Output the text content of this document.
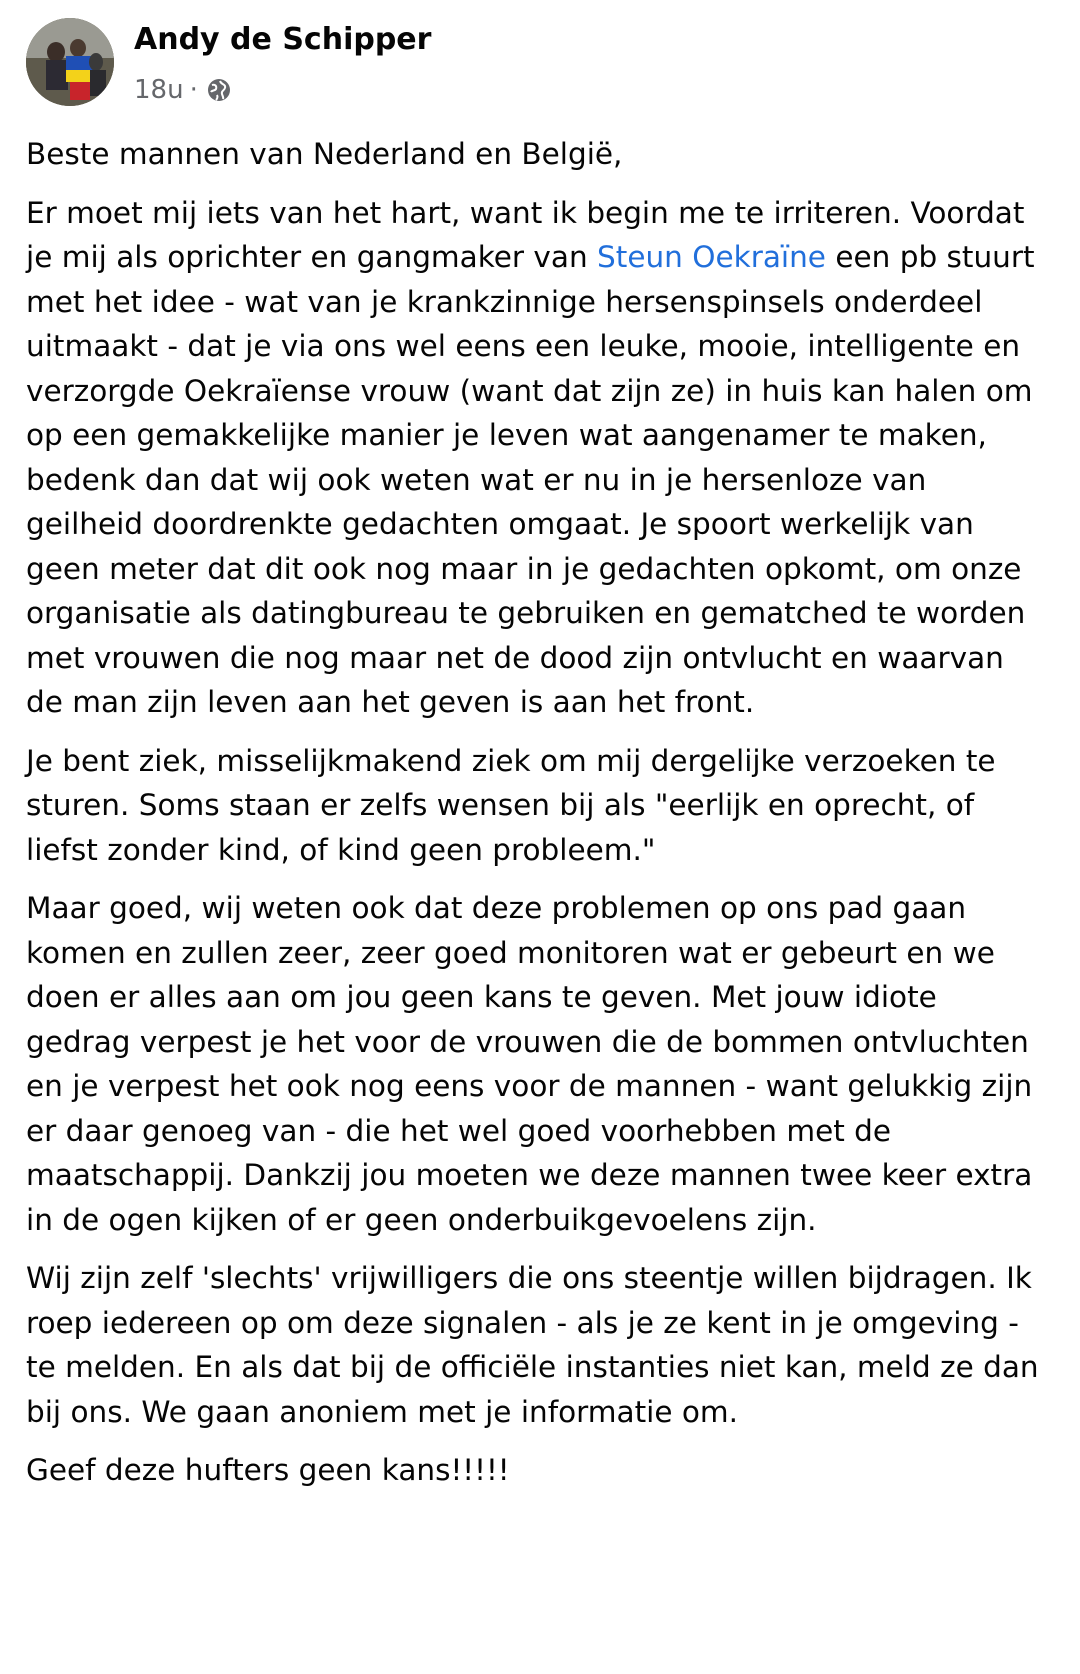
Andy de Schipper
18u ·

Beste mannen van Nederland en België,

Er moet mij iets van het hart, want ik begin me te irriteren. Voordat je mij als oprichter en gangmaker van Steun Oekraïne een pb stuurt met het idee - wat van je krankzinnige hersenspinsels onderdeel uitmaakt - dat je via ons wel eens een leuke, mooie, intelligente en verzorgde Oekraïense vrouw (want dat zijn ze) in huis kan halen om op een gemakkelijke manier je leven wat aangenamer te maken, bedenk dan dat wij ook weten wat er nu in je hersenloze van geilheid doordrenkte gedachten omgaat. Je spoort werkelijk van geen meter dat dit ook nog maar in je gedachten opkomt, om onze organisatie als datingbureau te gebruiken en gematched te worden met vrouwen die nog maar net de dood zijn ontvlucht en waarvan de man zijn leven aan het geven is aan het front.

Je bent ziek, misselijkmakend ziek om mij dergelijke verzoeken te sturen. Soms staan er zelfs wensen bij als "eerlijk en oprecht, of liefst zonder kind, of kind geen probleem."

Maar goed, wij weten ook dat deze problemen op ons pad gaan komen en zullen zeer, zeer goed monitoren wat er gebeurt en we doen er alles aan om jou geen kans te geven. Met jouw idiote gedrag verpest je het voor de vrouwen die de bommen ontvluchten en je verpest het ook nog eens voor de mannen - want gelukkig zijn er daar genoeg van - die het wel goed voorhebben met de maatschappij. Dankzij jou moeten we deze mannen twee keer extra in de ogen kijken of er geen onderbuikgevoelens zijn.

Wij zijn zelf 'slechts' vrijwilligers die ons steentje willen bijdragen. Ik roep iedereen op om deze signalen - als je ze kent in je omgeving - te melden. En als dat bij de officiële instanties niet kan, meld ze dan bij ons. We gaan anoniem met je informatie om.

Geef deze hufters geen kans!!!!!
